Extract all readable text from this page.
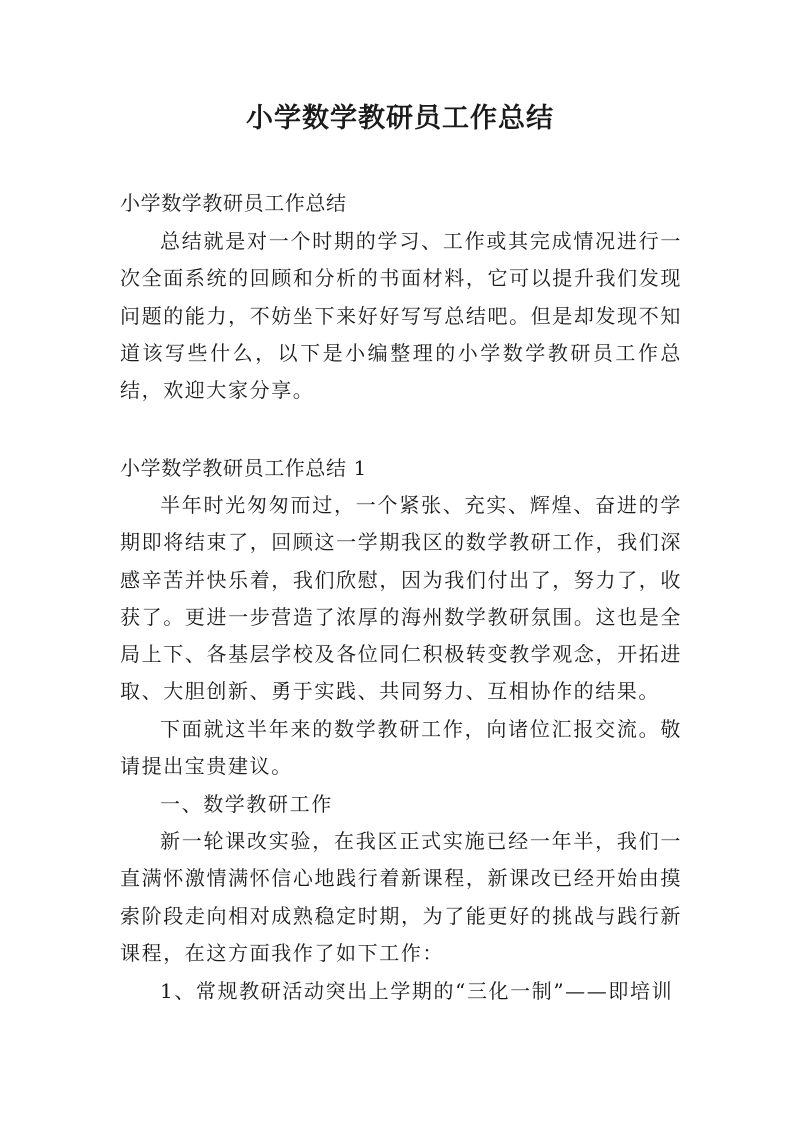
小学数学教研员工作总结
小学数学教研员工作总结

总结就是对一个时期的学习、工作或其完成情况进行一次全面系统的回顾和分析的书面材料，它可以提升我们发现问题的能力，不妨坐下来好好写写总结吧。但是却发现不知道该写些什么，以下是小编整理的小学数学教研员工作总结，欢迎大家分享。

小学数学教研员工作总结 1

半年时光匆匆而过，一个紧张、充实、辉煌、奋进的学期即将结束了，回顾这一学期我区的数学教研工作，我们深感辛苦并快乐着，我们欣慰，因为我们付出了，努力了，收获了。更进一步营造了浓厚的海州数学教研氛围。这也是全局上下、各基层学校及各位同仁积极转变教学观念，开拓进取、大胆创新、勇于实践、共同努力、互相协作的结果。

下面就这半年来的数学教研工作，向诸位汇报交流。敬请提出宝贵建议。

一、数学教研工作

新一轮课改实验，在我区正式实施已经一年半，我们一直满怀激情满怀信心地践行着新课程，新课改已经开始由摸索阶段走向相对成熟稳定时期，为了能更好的挑战与践行新课程，在这方面我作了如下工作：

1、常规教研活动突出上学期的“三化一制”——即培训
